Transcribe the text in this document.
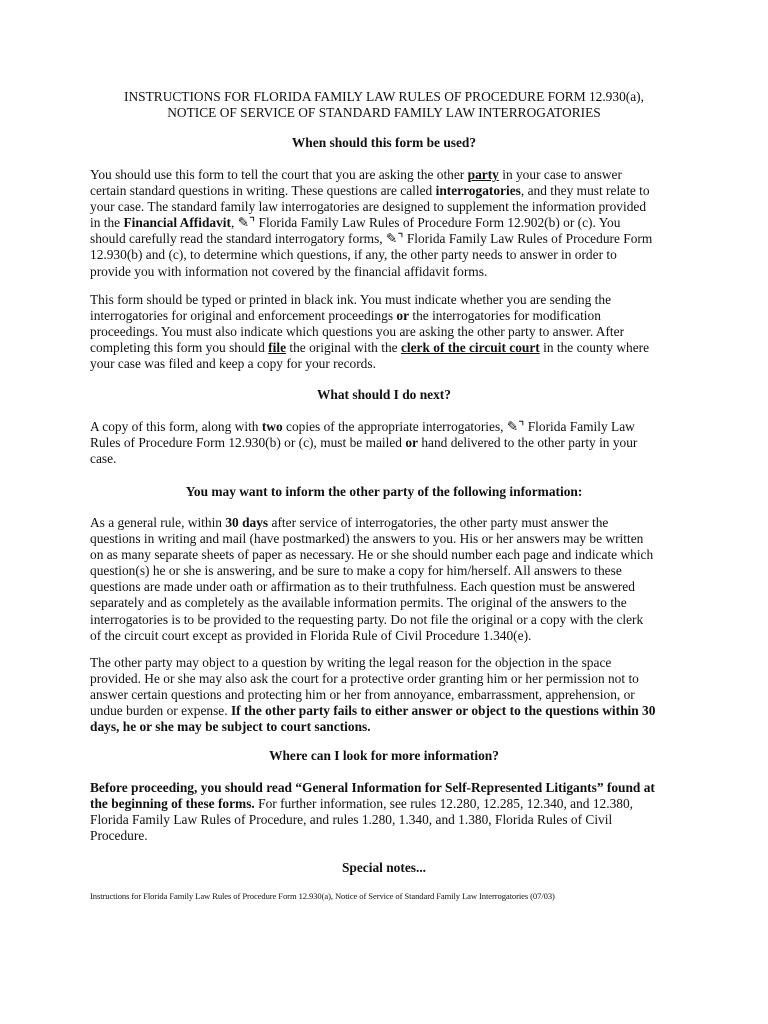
INSTRUCTIONS FOR FLORIDA FAMILY LAW RULES OF PROCEDURE FORM 12.930(a),
NOTICE OF SERVICE OF STANDARD FAMILY LAW INTERROGATORIES
When should this form be used?
You should use this form to tell the court that you are asking the other party in your case to answer
certain standard questions in writing. These questions are called interrogatories, and they must relate to
your case. The standard family law interrogatories are designed to supplement the information provided
in the Financial Affidavit, ✎⌝ Florida Family Law Rules of Procedure Form 12.902(b) or (c). You
should carefully read the standard interrogatory forms, ✎⌝ Florida Family Law Rules of Procedure Form
12.930(b) and (c), to determine which questions, if any, the other party needs to answer in order to
provide you with information not covered by the financial affidavit forms.
This form should be typed or printed in black ink. You must indicate whether you are sending the
interrogatories for original and enforcement proceedings or the interrogatories for modification
proceedings. You must also indicate which questions you are asking the other party to answer. After
completing this form you should file the original with the clerk of the circuit court in the county where
your case was filed and keep a copy for your records.
What should I do next?
A copy of this form, along with two copies of the appropriate interrogatories, ✎⌝ Florida Family Law
Rules of Procedure Form 12.930(b) or (c), must be mailed or hand delivered to the other party in your
case.
You may want to inform the other party of the following information:
As a general rule, within 30 days after service of interrogatories, the other party must answer the
questions in writing and mail (have postmarked) the answers to you. His or her answers may be written
on as many separate sheets of paper as necessary. He or she should number each page and indicate which
question(s) he or she is answering, and be sure to make a copy for him/herself. All answers to these
questions are made under oath or affirmation as to their truthfulness. Each question must be answered
separately and as completely as the available information permits. The original of the answers to the
interrogatories is to be provided to the requesting party. Do not file the original or a copy with the clerk
of the circuit court except as provided in Florida Rule of Civil Procedure 1.340(e).
The other party may object to a question by writing the legal reason for the objection in the space
provided. He or she may also ask the court for a protective order granting him or her permission not to
answer certain questions and protecting him or her from annoyance, embarrassment, apprehension, or
undue burden or expense. If the other party fails to either answer or object to the questions within 30
days, he or she may be subject to court sanctions.
Where can I look for more information?
Before proceeding, you should read “General Information for Self-Represented Litigants” found at
the beginning of these forms. For further information, see rules 12.280, 12.285, 12.340, and 12.380,
Florida Family Law Rules of Procedure, and rules 1.280, 1.340, and 1.380, Florida Rules of Civil
Procedure.
Special notes...
Instructions for Florida Family Law Rules of Procedure Form 12.930(a), Notice of Service of Standard Family Law Interrogatories (07/03)
